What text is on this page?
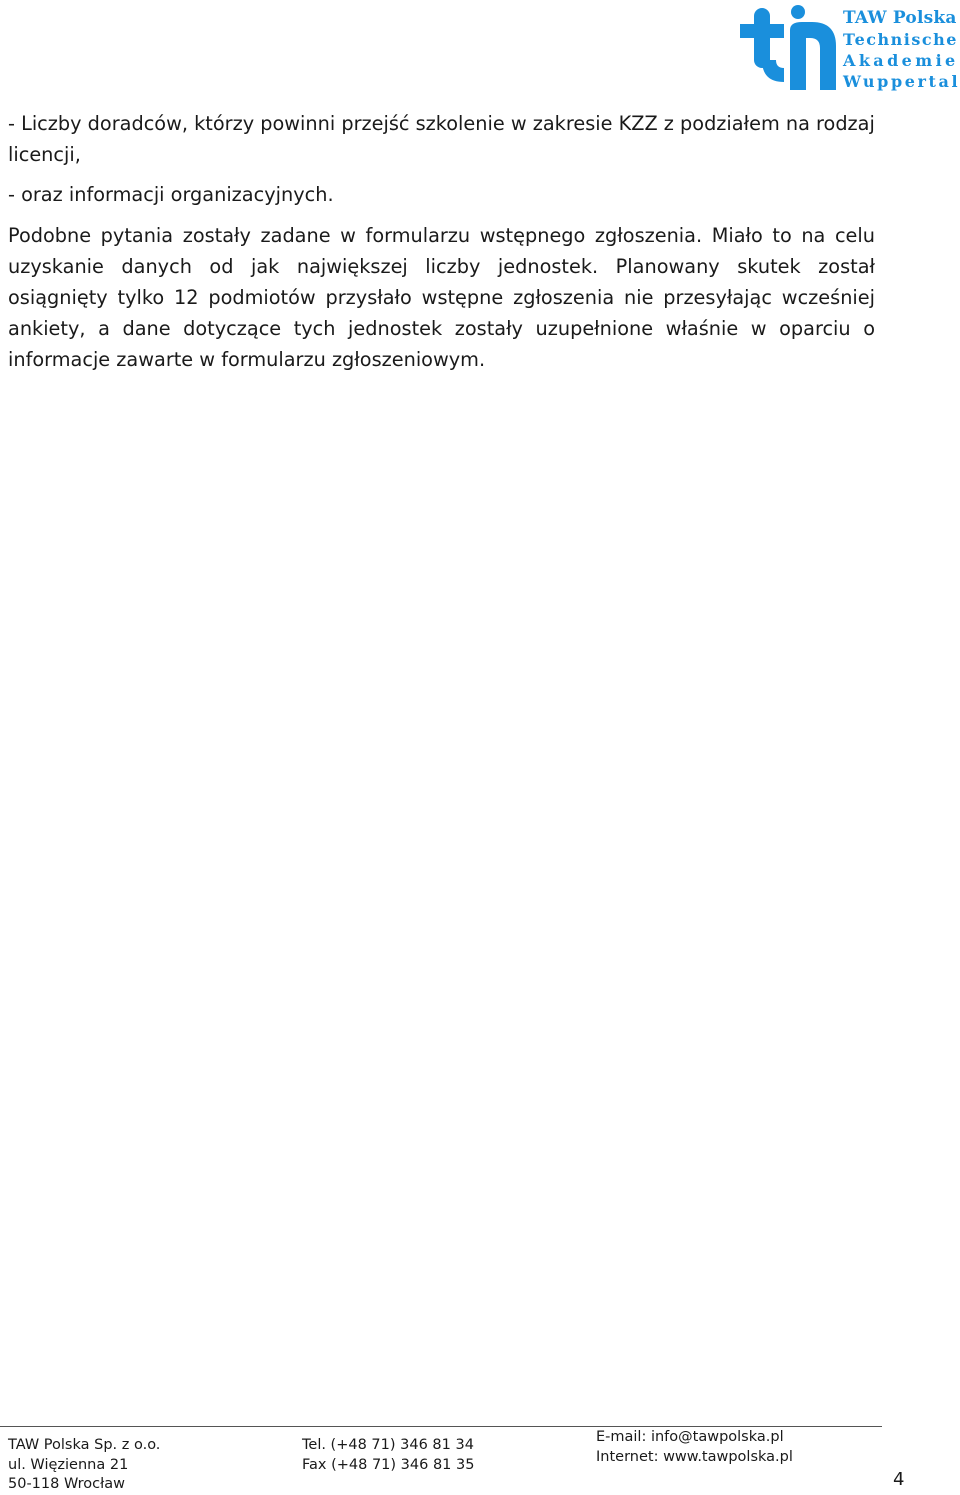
TAW Polska
Technische
Akademie
Wuppertal

- Liczby doradców, którzy powinni przejść szkolenie w zakresie KZZ z podziałem na rodzaj licencji,

- oraz informacji organizacyjnych.

Podobne pytania zostały zadane w formularzu wstępnego zgłoszenia. Miało to na celu uzyskanie danych od jak największej liczby jednostek. Planowany skutek został osiągnięty tylko 12 podmiotów przysłało wstępne zgłoszenia nie przesyłając wcześniej ankiety, a dane dotyczące tych jednostek zostały uzupełnione właśnie w oparciu o informacje zawarte w formularzu zgłoszeniowym.

TAW Polska Sp. z o.o.
ul. Więzienna 21
50-118 Wrocław
Tel. (+48 71) 346 81 34
Fax (+48 71) 346 81 35
E-mail: info@tawpolska.pl
Internet: www.tawpolska.pl
4
